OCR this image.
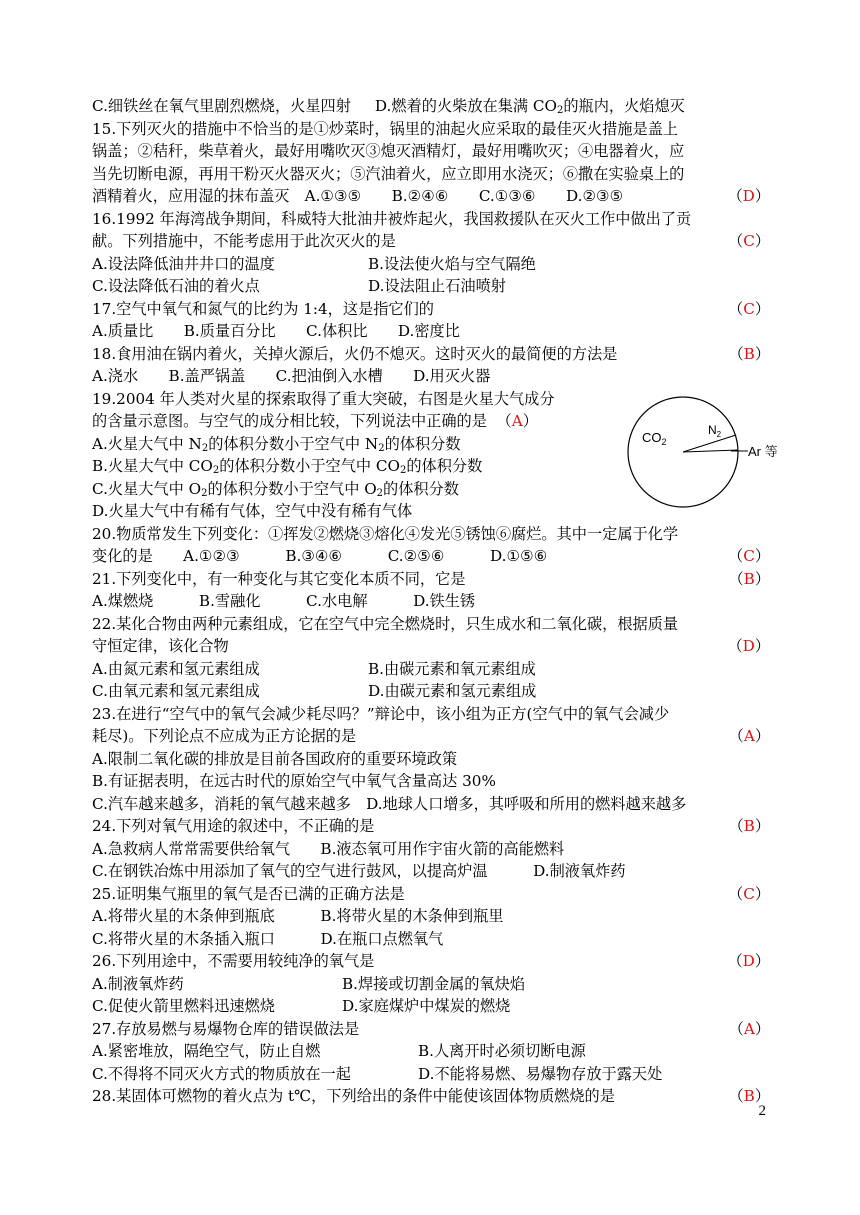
C.细铁丝在氧气里剧烈燃烧，火星四射 D.燃着的火柴放在集满 $CO_2$的瓶内，火焰熄灭
15.下列灭火的措施中不恰当的是①炒菜时，锅里的油起火应采取的最佳灭火措施是盖上
锅盖；②秸秆，柴草着火，最好用嘴吹灭③熄灭酒精灯，最好用嘴吹灭；④电器着火，应
当先切断电源，再用干粉灭火器灭火；⑤汽油着火，应立即用水浇灭；⑥撒在实验桌上的
酒精着火，应用湿的抹布盖灭　A.①③⑤　　B.②④⑥　　C.①③⑥　　D.②③⑤	（D）
16.1992 年海湾战争期间，科威特大批油井被炸起火，我国救援队在灭火工作中做出了贡
献。下列措施中，不能考虑用于此次灭火的是	（C）
A.设法降低油井井口的温度	B.设法使火焰与空气隔绝
C.设法降低石油的着火点	D.设法阻止石油喷射
17.空气中氧气和氮气的比约为 1:4，这是指它们的	（C）
A.质量比　　B.质量百分比　　C.体积比　　D.密度比
18.食用油在锅内着火，关掉火源后，火仍不熄灭。这时灭火的最简便的方法是	（B）
A.浇水　　B.盖严锅盖　　C.把油倒入水槽　　D.用灭火器
19.2004 年人类对火星的探索取得了重大突破，右图是火星大气成分
的含量示意图。与空气的成分相比较，下列说法中正确的是 （A）
A.火星大气中 $N_2$的体积分数小于空气中 $N_2$的体积分数
B.火星大气中 $CO_2$的体积分数小于空气中 $CO_2$的体积分数
C.火星大气中 $O_2$的体积分数小于空气中 $O_2$的体积分数
D.火星大气中有稀有气体，空气中没有稀有气体
20.物质常发生下列变化：①挥发②燃烧③熔化④发光⑤锈蚀⑥腐烂。其中一定属于化学
变化的是　　A.①②③　　　B.③④⑥　　　C.②⑤⑥　　　D.①⑤⑥	（C）
21.下列变化中，有一种变化与其它变化本质不同，它是	（B）
A.煤燃烧　　　B.雪融化　　　C.水电解　　　D.铁生锈
22.某化合物由两种元素组成，它在空气中完全燃烧时，只生成水和二氧化碳，根据质量
守恒定律，该化合物	（D）
A.由氮元素和氢元素组成	B.由碳元素和氧元素组成
C.由氧元素和氢元素组成	D.由碳元素和氢元素组成
23.在进行“空气中的氧气会减少耗尽吗？”辩论中，该小组为正方(空气中的氧气会减少
耗尽)。下列论点不应成为正方论据的是	（A）
A.限制二氧化碳的排放是目前各国政府的重要环境政策
B.有证据表明，在远古时代的原始空气中氧气含量高达 30%
C.汽车越来越多，消耗的氧气越来越多　D.地球人口增多，其呼吸和所用的燃料越来越多
24.下列对氧气用途的叙述中，不正确的是	（B）
A.急救病人常常需要供给氧气　　B.液态氧可用作宇宙火箭的高能燃料
C.在钢铁冶炼中用添加了氧气的空气进行鼓风，以提高炉温　　　D.制液氧炸药
25.证明集气瓶里的氧气是否已满的正确方法是	（C）
A.将带火星的木条伸到瓶底　　　B.将带火星的木条伸到瓶里
C.将带火星的木条插入瓶口　　　D.在瓶口点燃氧气
26.下列用途中，不需要用较纯净的氧气是	（D）
A.制液氧炸药	B.焊接或切割金属的氧炔焰
C.促使火箭里燃料迅速燃烧	D.家庭煤炉中煤炭的燃烧
27.存放易燃与易爆物仓库的错误做法是	（A）
A.紧密堆放，隔绝空气，防止自燃	B.人离开时必须切断电源
C.不得将不同灭火方式的物质放在一起	D.不能将易燃、易爆物存放于露天处
28.某固体可燃物的着火点为 t℃，下列给出的条件中能使该固体物质燃烧的是	（B）
$CO_2$
$N_2$
Ar 等
2
